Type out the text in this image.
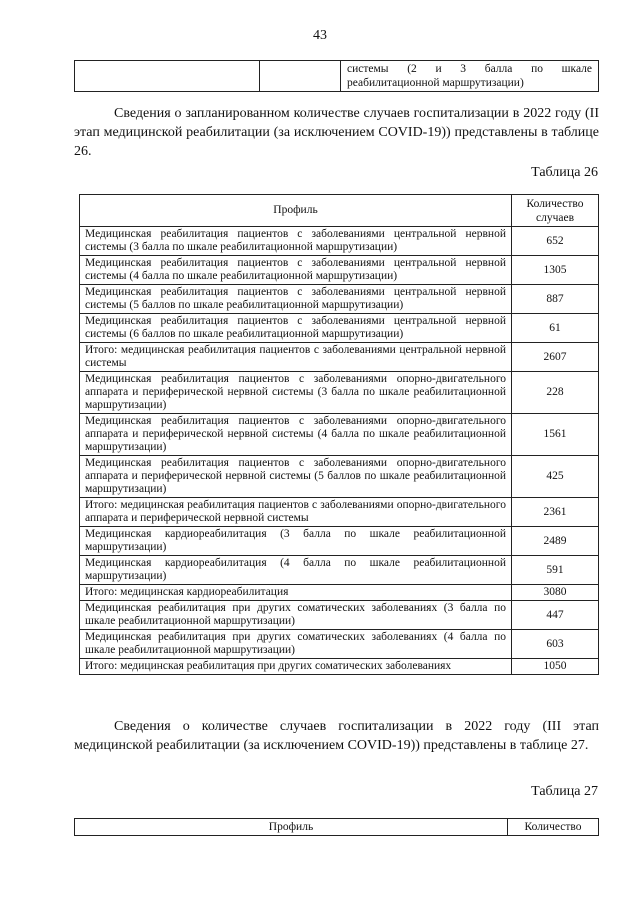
43
		системы (2 и 3 балла по шкале реабилитационной маршрутизации)

Сведения о запланированном количестве случаев госпитализации в 2022 году (II этап медицинской реабилитации (за исключением COVID-19)) представлены в таблице 26.

Таблица 26
Профиль	Количество случаев
Медицинская реабилитация пациентов с заболеваниями центральной нервной системы (3 балла по шкале реабилитационной маршрутизации)	652
Медицинская реабилитация пациентов с заболеваниями центральной нервной системы (4 балла по шкале реабилитационной маршрутизации)	1305
Медицинская реабилитация пациентов с заболеваниями центральной нервной системы (5 баллов по шкале реабилитационной маршрутизации)	887
Медицинская реабилитация пациентов с заболеваниями центральной нервной системы (6 баллов по шкале реабилитационной маршрутизации)	61
Итого: медицинская реабилитация пациентов с заболеваниями центральной нервной системы	2607
Медицинская реабилитация пациентов с заболеваниями опорно-двигательного аппарата и периферической нервной системы (3 балла по шкале реабилитационной маршрутизации)	228
Медицинская реабилитация пациентов с заболеваниями опорно-двигательного аппарата и периферической нервной системы (4 балла по шкале реабилитационной маршрутизации)	1561
Медицинская реабилитация пациентов с заболеваниями опорно-двигательного аппарата и периферической нервной системы (5 баллов по шкале реабилитационной маршрутизации)	425
Итого: медицинская реабилитация пациентов с заболеваниями опорно-двигательного аппарата и периферической нервной системы	2361
Медицинская кардиореабилитация (3 балла по шкале реабилитационной маршрутизации)	2489
Медицинская кардиореабилитация (4 балла по шкале реабилитационной маршрутизации)	591
Итого: медицинская кардиореабилитация	3080
Медицинская реабилитация при других соматических заболеваниях (3 балла по шкале реабилитационной маршрутизации)	447
Медицинская реабилитация при других соматических заболеваниях (4 балла по шкале реабилитационной маршрутизации)	603
Итого: медицинская реабилитация при других соматических заболеваниях	1050

Сведения о количестве случаев госпитализации в 2022 году (III этап медицинской реабилитации (за исключением COVID-19)) представлены в таблице 27.

Таблица 27
Профиль	Количество
